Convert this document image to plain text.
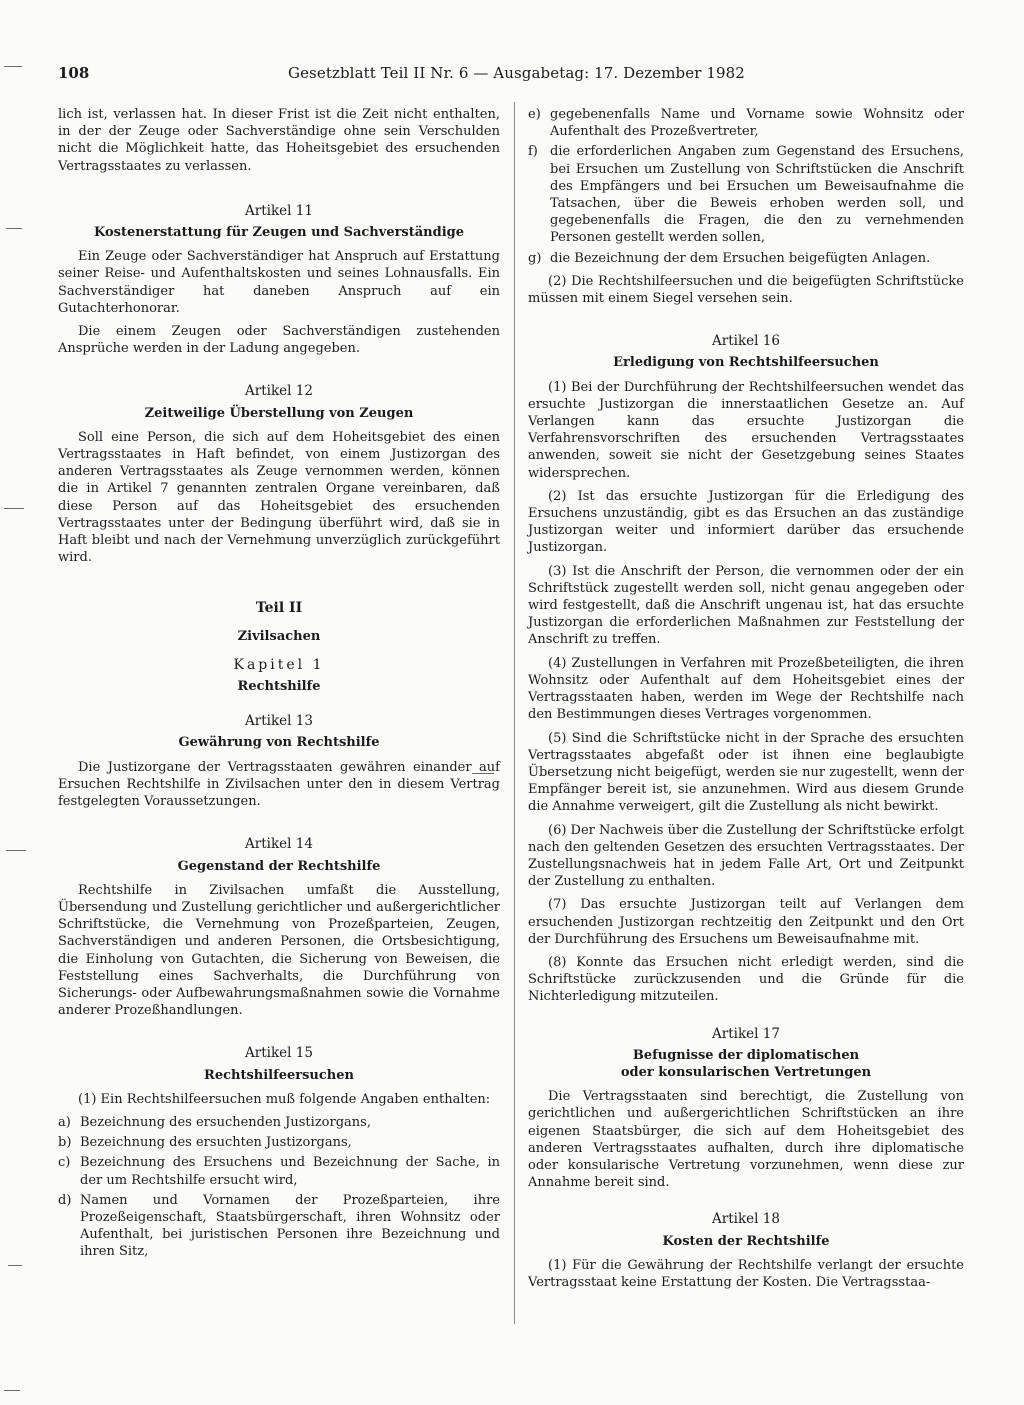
108	Gesetzblatt Teil II Nr. 6 — Ausgabetag: 17. Dezember 1982

lich ist, verlassen hat. In dieser Frist ist die Zeit nicht enthalten, in der der Zeuge oder Sachverständige ohne sein Verschulden nicht die Möglichkeit hatte, das Hoheitsgebiet des ersuchenden Vertragsstaates zu verlassen.

Artikel 11
Kostenerstattung für Zeugen und Sachverständige

Ein Zeuge oder Sachverständiger hat Anspruch auf Erstattung seiner Reise- und Aufenthaltskosten und seines Lohnausfalls. Ein Sachverständiger hat daneben Anspruch auf ein Gutachterhonorar.

Die einem Zeugen oder Sachverständigen zustehenden Ansprüche werden in der Ladung angegeben.

Artikel 12
Zeitweilige Überstellung von Zeugen

Soll eine Person, die sich auf dem Hoheitsgebiet des einen Vertragsstaates in Haft befindet, von einem Justizorgan des anderen Vertragsstaates als Zeuge vernommen werden, können die in Artikel 7 genannten zentralen Organe vereinbaren, daß diese Person auf das Hoheitsgebiet des ersuchenden Vertragsstaates unter der Bedingung überführt wird, daß sie in Haft bleibt und nach der Vernehmung unverzüglich zurückgeführt wird.

Teil II
Zivilsachen
Kapitel 1
Rechtshilfe
Artikel 13
Gewährung von Rechtshilfe

Die Justizorgane der Vertragsstaaten gewähren einander auf Ersuchen Rechtshilfe in Zivilsachen unter den in diesem Vertrag festgelegten Voraussetzungen.

Artikel 14
Gegenstand der Rechtshilfe

Rechtshilfe in Zivilsachen umfaßt die Ausstellung, Übersendung und Zustellung gerichtlicher und außergerichtlicher Schriftstücke, die Vernehmung von Prozeßparteien, Zeugen, Sachverständigen und anderen Personen, die Ortsbesichtigung, die Einholung von Gutachten, die Sicherung von Beweisen, die Feststellung eines Sachverhalts, die Durchführung von Sicherungs- oder Aufbewahrungsmaßnahmen sowie die Vornahme anderer Prozeßhandlungen.

Artikel 15
Rechtshilfeersuchen

(1) Ein Rechtshilfeersuchen muß folgende Angaben enthalten:

a) Bezeichnung des ersuchenden Justizorgans,
b) Bezeichnung des ersuchten Justizorgans,
c) Bezeichnung des Ersuchens und Bezeichnung der Sache, in der um Rechtshilfe ersucht wird,
d) Namen und Vornamen der Prozeßparteien, ihre Prozeßeigenschaft, Staatsbürgerschaft, ihren Wohnsitz oder Aufenthalt, bei juristischen Personen ihre Bezeichnung und ihren Sitz,
e) gegebenenfalls Name und Vorname sowie Wohnsitz oder Aufenthalt des Prozeßvertreter,
f) die erforderlichen Angaben zum Gegenstand des Ersuchens, bei Ersuchen um Zustellung von Schriftstücken die Anschrift des Empfängers und bei Ersuchen um Beweisaufnahme die Tatsachen, über die Beweis erhoben werden soll, und gegebenenfalls die Fragen, die den zu vernehmenden Personen gestellt werden sollen,
g) die Bezeichnung der dem Ersuchen beigefügten Anlagen.

(2) Die Rechtshilfeersuchen und die beigefügten Schriftstücke müssen mit einem Siegel versehen sein.

Artikel 16
Erledigung von Rechtshilfeersuchen

(1) Bei der Durchführung der Rechtshilfeersuchen wendet das ersuchte Justizorgan die innerstaatlichen Gesetze an. Auf Verlangen kann das ersuchte Justizorgan die Verfahrensvorschriften des ersuchenden Vertragsstaates anwenden, soweit sie nicht der Gesetzgebung seines Staates widersprechen.

(2) Ist das ersuchte Justizorgan für die Erledigung des Ersuchens unzuständig, gibt es das Ersuchen an das zuständige Justizorgan weiter und informiert darüber das ersuchende Justizorgan.

(3) Ist die Anschrift der Person, die vernommen oder der ein Schriftstück zugestellt werden soll, nicht genau angegeben oder wird festgestellt, daß die Anschrift ungenau ist, hat das ersuchte Justizorgan die erforderlichen Maßnahmen zur Feststellung der Anschrift zu treffen.

(4) Zustellungen in Verfahren mit Prozeßbeteiligten, die ihren Wohnsitz oder Aufenthalt auf dem Hoheitsgebiet eines der Vertragsstaaten haben, werden im Wege der Rechtshilfe nach den Bestimmungen dieses Vertrages vorgenommen.

(5) Sind die Schriftstücke nicht in der Sprache des ersuchten Vertragsstaates abgefaßt oder ist ihnen eine beglaubigte Übersetzung nicht beigefügt, werden sie nur zugestellt, wenn der Empfänger bereit ist, sie anzunehmen. Wird aus diesem Grunde die Annahme verweigert, gilt die Zustellung als nicht bewirkt.

(6) Der Nachweis über die Zustellung der Schriftstücke erfolgt nach den geltenden Gesetzen des ersuchten Vertragsstaates. Der Zustellungsnachweis hat in jedem Falle Art, Ort und Zeitpunkt der Zustellung zu enthalten.

(7) Das ersuchte Justizorgan teilt auf Verlangen dem ersuchenden Justizorgan rechtzeitig den Zeitpunkt und den Ort der Durchführung des Ersuchens um Beweisaufnahme mit.

(8) Konnte das Ersuchen nicht erledigt werden, sind die Schriftstücke zurückzusenden und die Gründe für die Nichterledigung mitzuteilen.

Artikel 17
Befugnisse der diplomatischen
oder konsularischen Vertretungen

Die Vertragsstaaten sind berechtigt, die Zustellung von gerichtlichen und außergerichtlichen Schriftstücken an ihre eigenen Staatsbürger, die sich auf dem Hoheitsgebiet des anderen Vertragsstaates aufhalten, durch ihre diplomatische oder konsularische Vertretung vorzunehmen, wenn diese zur Annahme bereit sind.

Artikel 18
Kosten der Rechtshilfe

(1) Für die Gewährung der Rechtshilfe verlangt der ersuchte Vertragsstaat keine Erstattung der Kosten. Die Vertragsstaa-
